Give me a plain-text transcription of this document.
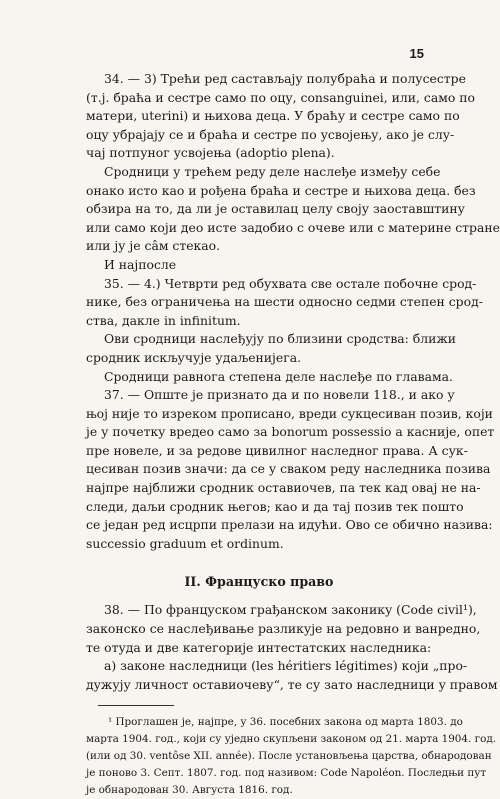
15
34. — 3) Трећи ред састављају полубраћа и полусестре
(т.ј. браћа и сестре само по оцу, consanguinei, или, само по
матери, uterini) и њихова деца. У браћу и сестре само по
оцу убрајају се и браћа и сестре по усвојењу, ако је слу-
чај потпуног усвојења (adoptio plena).
Сродници у трећем реду деле наслеђе између себе
онако исто као и рођена браћа и сестре и њихова деца. без
обзира на то, да ли је оставилац целу своју заоставштину
или само који део исте задобио с очеве или с материне стране
или ју је сâм стекао.
И најпосле
35. — 4.) Четврти ред обухвата све остале побочне срод-
нике, без ограничења на шести односно седми степен срод-
ства, дакле in infinitum.
Ови сродници наслеђују по близини сродства: ближи
сродник искључује удаљенијега.
Сродници равнога степена деле наслеђе по главама.
37. — Опште је признато да и по новели 118., и ако у
њој није то изреком прописано, вреди сукцесиван позив, који
је у почетку вредео само за bonorum possessio а касније, опет
пре новеле, и за редове цивилног наследног права. А сук-
цесиван позив значи: да се у сваком реду наследника позива
најпре најближи сродник оставиочев, па тек кад овај не на-
следи, даљи сродник његов; као и да тај позив тек пошто
се један ред исцрпи прелази на идући. Ово се обично назива:
successio graduum et ordinum.
II. Француско право
38. — По француском грађанском законику (Code civil¹),
законско се наслеђивање разликује на редовно и ванредно,
те отуда и две категорије интестатских наследника:
а) законе наследници (les héritiers légitimes) који „про-
дужују личност оставиочеву“, те су зато наследници у правом
¹ Проглашен је, најпре, у 36. посебних закона од марта 1803. до
марта 1904. год., који су уједно скупљени законом од 21. марта 1904. год.
(или од 30. ventôse XII. année). После установљења царства, обнародован
је поново 3. Септ. 1807. год. под називом: Code Napoléon. Последњи пут
је обнародован 30. Августа 1816. год.
